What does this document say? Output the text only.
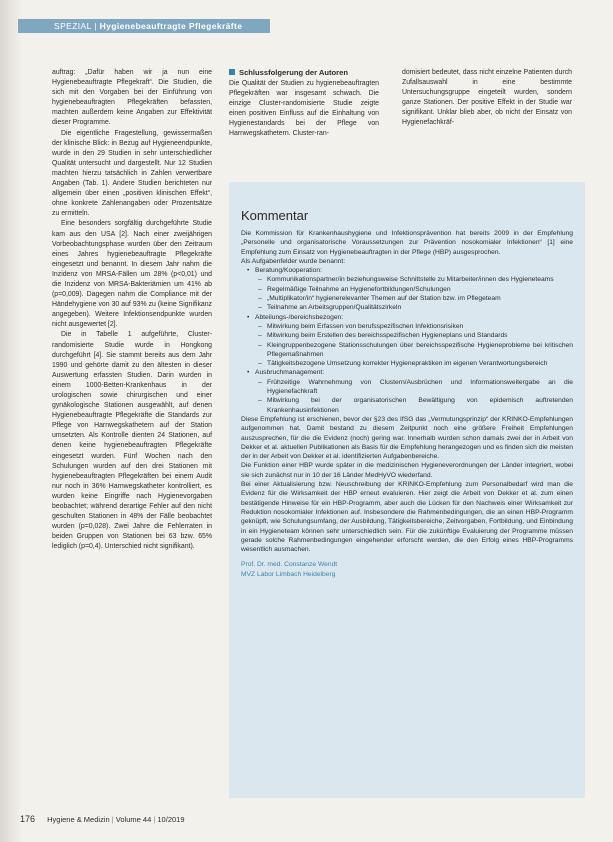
SPEZIAL | Hygienebeauftragte Pflegekräfte

auftrag: „Dafür haben wir ja nun eine Hygienebeauftragte Pflegekraft“. Die Studien, die sich mit den Vorgaben bei der Einführung von hygienebeauftragten Pflegekräften befassten, machten außerdem keine Angaben zur Effektivität dieser Programme.

Die eigentliche Fragestellung, gewissermaßen der klinische Blick: in Bezug auf Hygieneendpunkte, wurde in den 29 Studien in sehr unterschiedlicher Qualität untersucht und dargestellt. Nur 12 Studien machten hierzu tatsächlich in Zahlen verwertbare Angaben (Tab. 1). Andere Studien berichteten nur allgemein über einen „positiven klinischen Effekt“, ohne konkrete Zahlenangaben oder Prozentsätze zu ermitteln.

Eine besonders sorgfältig durchgeführte Studie kam aus den USA [2]. Nach einer zweijährigen Vorbeobachtungsphase wurden über den Zeitraum eines Jahres hygienebeauftragte Pflegekräfte eingesetzt und benannt. In diesem Jahr nahm die Inzidenz von MRSA-Fällen um 28% (p<0,01) und die Inzidenz von MRSA-Bakteriämien um 41% ab (p=0,009). Dagegen nahm die Compliance mit der Händehygiene von 30 auf 93% zu (keine Signifikanz angegeben). Weitere Infektionsendpunkte wurden nicht ausgewertet [2].

Die in Tabelle 1 aufgeführte, Cluster-randomisierte Studie wurde in Hongkong durchgeführt [4]. Sie stammt bereits aus dem Jahr 1990 und gehörte damit zu den ältesten in dieser Auswertung erfassten Studien. Darin wurden in einem 1000-Betten-Krankenhaus in der urologischen sowie chirurgischen und einer gynäkologische Stationen ausgewählt, auf denen Hygienebeauftragte Pflegekräfte die Standards zur Pflege von Harnwegskathetern auf der Station umsetzten. Als Kontrolle dienten 24 Stationen, auf denen keine hygienebeauftragten Pflegekräfte eingesetzt wurden. Fünf Wochen nach den Schulungen wurden auf den drei Stationen mit hygienebeauftragten Pflegekräften bei einem Audit nur noch in 36% Harnwegskatheter kontrolliert, es wurden keine Eingriffe nach Hygienevorgaben beobachtet; während derartige Fehler auf den nicht geschulten Stationen in 48% der Fälle beobachtet wurden (p=0,028). Zwei Jahre die Fehlerraten in beiden Gruppen von Stationen bei 63 bzw. 65% lediglich (p=0,4). Unterschied nicht signifikant).

Schlussfolgerung der Autoren

Die Qualität der Studien zu hygienebeauftragten Pflegekräften war insgesamt schwach. Die einzige Cluster-randomisierte Studie zeigte einen positiven Einfluss auf die Einhaltung von Hygienestandards bei der Pflege von Harnwegskathetern. Cluster-ran-

domisiert bedeutet, dass nicht einzelne Patienten durch Zufallsauswahl in eine bestimmte Untersuchungsgruppe eingeteilt wurden, sondern ganze Stationen. Der positive Effekt in der Studie war signifikant. Unklar blieb aber, ob nicht der Einsatz von Hygienefachkräf-

Kommentar

Die Kommission für Krankenhaushygiene und Infektionsprävention hat bereits 2009 in der Empfehlung „Personelle und organisatorische Voraussetzungen zur Prävention nosokomialer Infektionen“ [1] eine Empfehlung zum Einsatz von Hygienebeauftragten in der Pflege (HBP) ausgesprochen.

Als Aufgabenfelder wurde benannt:

• Beratung/Kooperation:
– Kommunikationspartner/in beziehungsweise Schnittstelle zu Mitarbeiter/innen des Hygieneteams
– Regelmäßige Teilnahme an Hygienefortbildungen/Schulungen
– „Multiplikator/in“ hygienerelevanter Themen auf der Station bzw. im Pflegeteam
– Teilnahme an Arbeitsgruppen/Qualitätszirkeln
• Abteilungs-/bereichsbezogen:
– Mitwirkung beim Erfassen von berufsspezifischen Infektionsrisiken
– Mitwirkung beim Erstellen des bereichsspezifischen Hygieneplans und Standards
– Kleingruppenbezogene Stationsschulungen über bereichsspezifische Hygieneprobleme bei kritischen Pflegemaßnahmen
– Tätigkeitsbezogene Umsetzung korrekter Hygienepraktiken im eigenen Verantwortungsbereich
• Ausbruchmanagement:
– Frühzeitige Wahrnehmung von Clustern/Ausbrüchen und Informationsweitergabe an die Hygienefachkraft
– Mitwirkung bei der organisatorischen Bewältigung von epidemisch auftretenden Krankenhausinfektionen

Diese Empfehlung ist erschienen, bevor der §23 des IfSG das „Vermutungsprinzip“ der KRINKO-Empfehlungen aufgenommen hat. Damit bestand zu diesem Zeitpunkt noch eine größere Freiheit Empfehlungen auszusprechen, für die die Evidenz (noch) gering war. Innerhalb wurden schon damals zwei der in Arbeit von Dekker et al. aktuellen Publikationen als Basis für die Empfehlung herangezogen und es finden sich die meisten der in der Arbeit von Dekker et al. identifizierten Aufgabenbereiche.

Die Funktion einer HBP wurde später in die medizinischen Hygieneverordnungen der Länder integriert, wobei sie sich zunächst nur in 10 der 16 Länder MedHyVO wiederfand.

Bei einer Aktualisierung bzw. Neuschreibung der KRINKO-Empfehlung zum Personalbedarf wird man die Evidenz für die Wirksamkeit der HBP erneut evaluieren. Hier zeigt die Arbeit von Dekker et al. zum einen bestätigende Hinweise für ein HBP-Programm, aber auch die Lücken für den Nachweis einer Wirksamkeit zur Reduktion nosokomialer Infektionen auf. Insbesondere die Rahmenbedingungen, die an einen HBP-Programm geknüpft, wie Schulungsumfang, der Ausbildung, Tätigkeitsbereiche, Zeitvorgaben, Fortbildung, und Einbindung in ein Hygieneteam können sehr unterschiedlich sein. Für die zukünftige Evaluierung der Programme müssen gerade solche Rahmenbedingungen eingehender erforscht werden, die den Erfolg eines HBP-Programms wesentlich ausmachen.

Prof. Dr. med. Constanze Wendt
MVZ Labor Limbach Heidelberg

176 Hygiene & Medizin | Volume 44 | 10/2019
